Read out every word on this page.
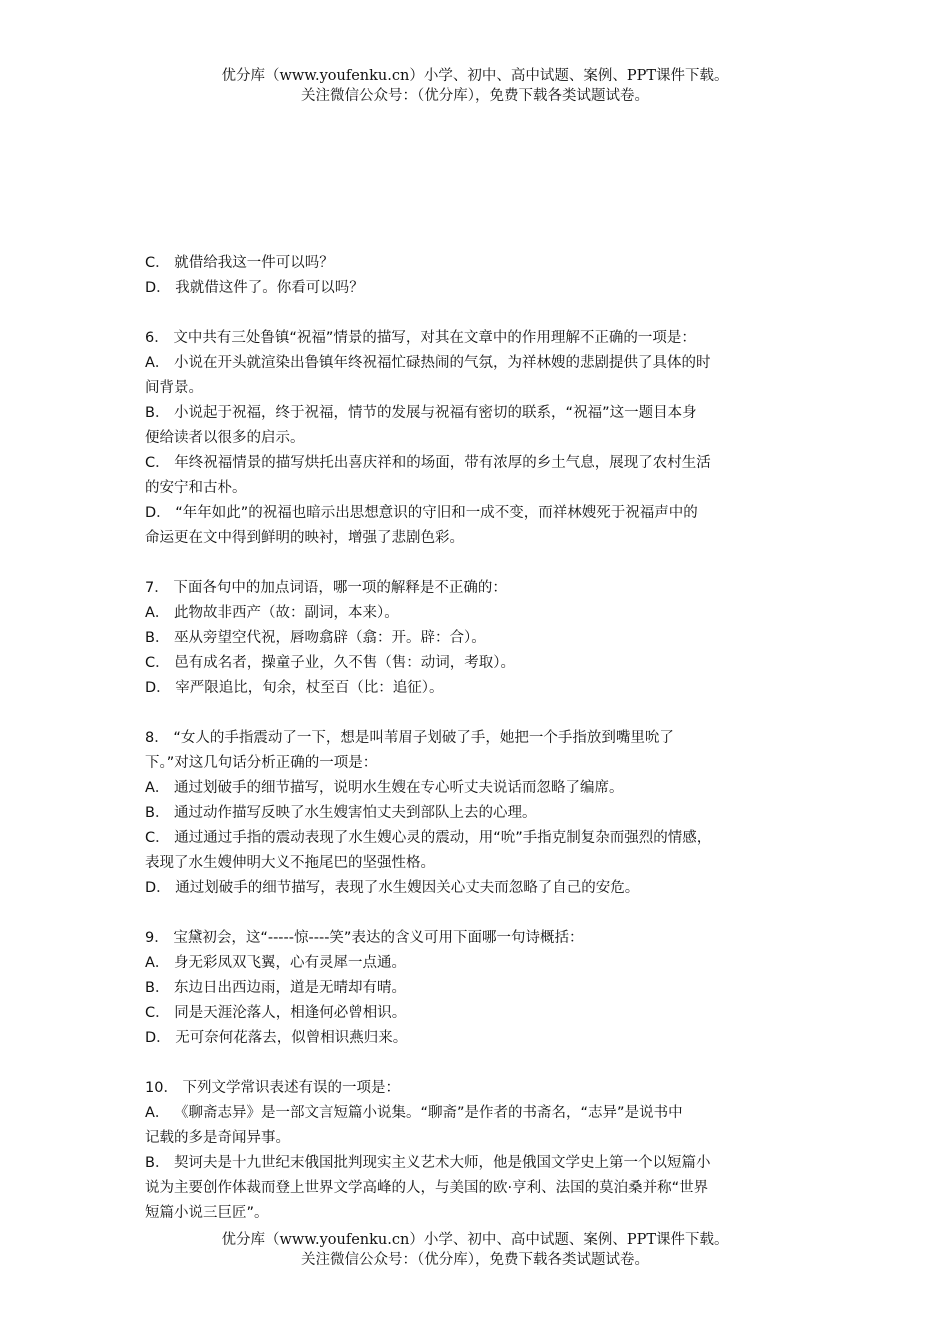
优分库（www.youfenku.cn）小学、初中、高中试题、案例、PPT课件下载。
关注微信公众号：（优分库），免费下载各类试题试卷。
C． 就借给我这一件可以吗？
D． 我就借这件了。你看可以吗？
6． 文中共有三处鲁镇“祝福”情景的描写，对其在文章中的作用理解不正确的一项是：
A． 小说在开头就渲染出鲁镇年终祝福忙碌热闹的气氛，为祥林嫂的悲剧提供了具体的时
间背景。
B． 小说起于祝福，终于祝福，情节的发展与祝福有密切的联系，“祝福”这一题目本身
便给读者以很多的启示。
C． 年终祝福情景的描写烘托出喜庆祥和的场面，带有浓厚的乡土气息，展现了农村生活
的安宁和古朴。
D． “年年如此”的祝福也暗示出思想意识的守旧和一成不变，而祥林嫂死于祝福声中的
命运更在文中得到鲜明的映衬，增强了悲剧色彩。
7． 下面各句中的加点词语，哪一项的解释是不正确的：
A． 此物故非西产（故：副词，本来）。
B． 巫从旁望空代祝，唇吻翕辟（翕：开。辟：合）。
C． 邑有成名者，操童子业，久不售（售：动词，考取）。
D． 宰严限追比，旬余，杖至百（比：追征）。
8． “女人的手指震动了一下，想是叫苇眉子划破了手，她把一个手指放到嘴里吮了
下。”对这几句话分析正确的一项是：
A． 通过划破手的细节描写，说明水生嫂在专心听丈夫说话而忽略了编席。
B． 通过动作描写反映了水生嫂害怕丈夫到部队上去的心理。
C． 通过通过手指的震动表现了水生嫂心灵的震动，用“吮”手指克制复杂而强烈的情感，
表现了水生嫂伸明大义不拖尾巴的坚强性格。
D． 通过划破手的细节描写，表现了水生嫂因关心丈夫而忽略了自己的安危。
9． 宝黛初会，这“-----惊----笑”表达的含义可用下面哪一句诗概括：
A． 身无彩凤双飞翼，心有灵犀一点通。
B． 东边日出西边雨，道是无晴却有晴。
C． 同是天涯沦落人，相逢何必曾相识。
D． 无可奈何花落去，似曾相识燕归来。
10． 下列文学常识表述有误的一项是：
A． 《聊斋志异》是一部文言短篇小说集。“聊斋”是作者的书斋名，“志异”是说书中
记载的多是奇闻异事。
B． 契诃夫是十九世纪末俄国批判现实主义艺术大师，他是俄国文学史上第一个以短篇小
说为主要创作体裁而登上世界文学高峰的人，与美国的欧·亨利、法国的莫泊桑并称“世界
短篇小说三巨匠”。
优分库（www.youfenku.cn）小学、初中、高中试题、案例、PPT课件下载。
关注微信公众号：（优分库），免费下载各类试题试卷。
